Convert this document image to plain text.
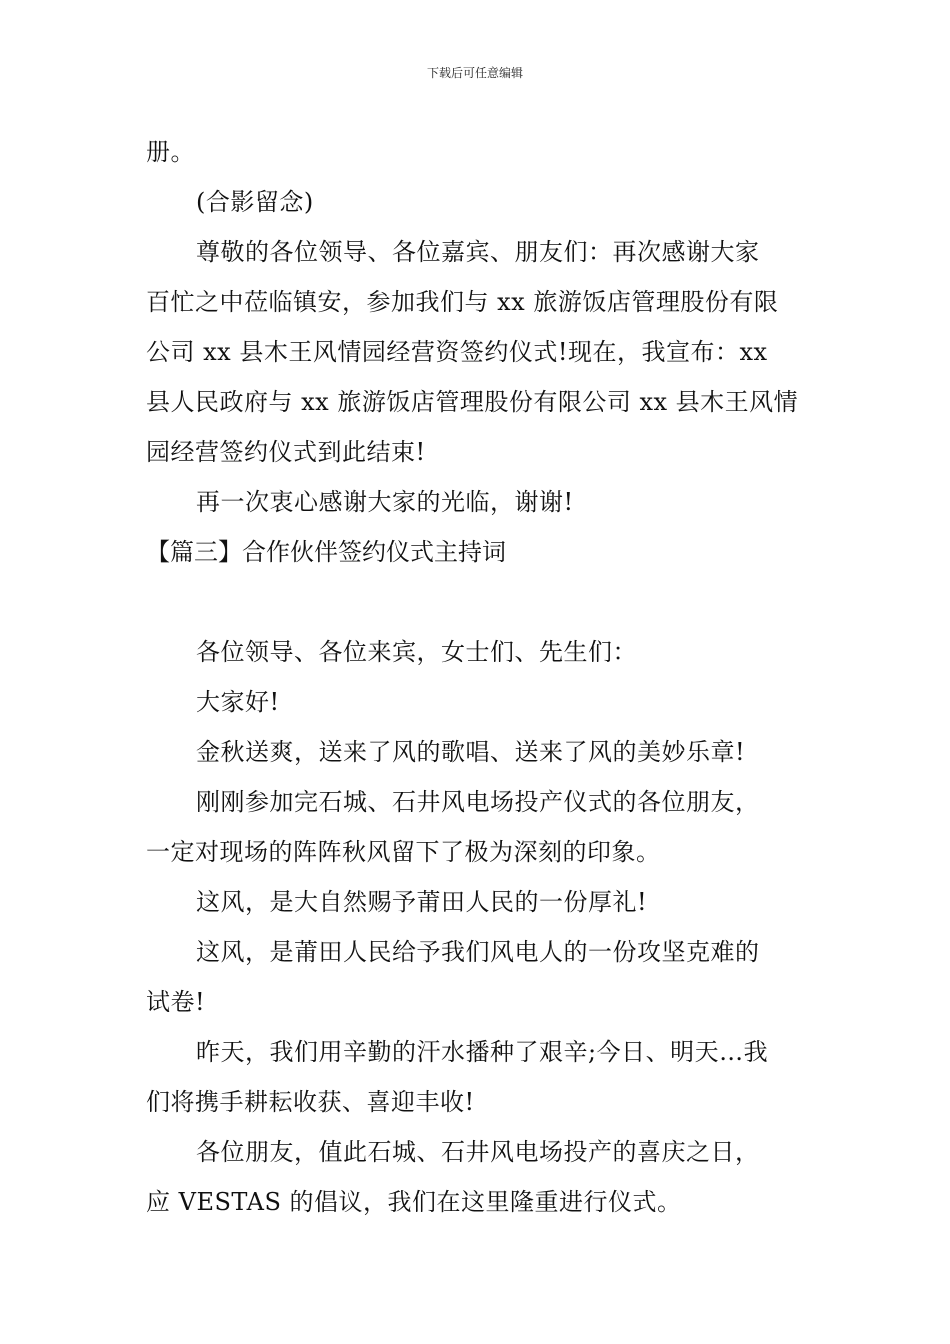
下载后可任意编辑
册。
(合影留念)
尊敬的各位领导、各位嘉宾、朋友们：再次感谢大家
百忙之中莅临镇安，参加我们与 xx 旅游饭店管理股份有限
公司 xx 县木王风情园经营资签约仪式!现在，我宣布：xx
县人民政府与 xx 旅游饭店管理股份有限公司 xx 县木王风情
园经营签约仪式到此结束!
再一次衷心感谢大家的光临，谢谢!
【篇三】合作伙伴签约仪式主持词
各位领导、各位来宾，女士们、先生们：
大家好!
金秋送爽，送来了风的歌唱、送来了风的美妙乐章!
刚刚参加完石城、石井风电场投产仪式的各位朋友，
一定对现场的阵阵秋风留下了极为深刻的印象。
这风，是大自然赐予莆田人民的一份厚礼!
这风，是莆田人民给予我们风电人的一份攻坚克难的
试卷!
昨天，我们用辛勤的汗水播种了艰辛;今日、明天…我
们将携手耕耘收获、喜迎丰收!
各位朋友，值此石城、石井风电场投产的喜庆之日，
应 VESTAS 的倡议，我们在这里隆重进行仪式。
